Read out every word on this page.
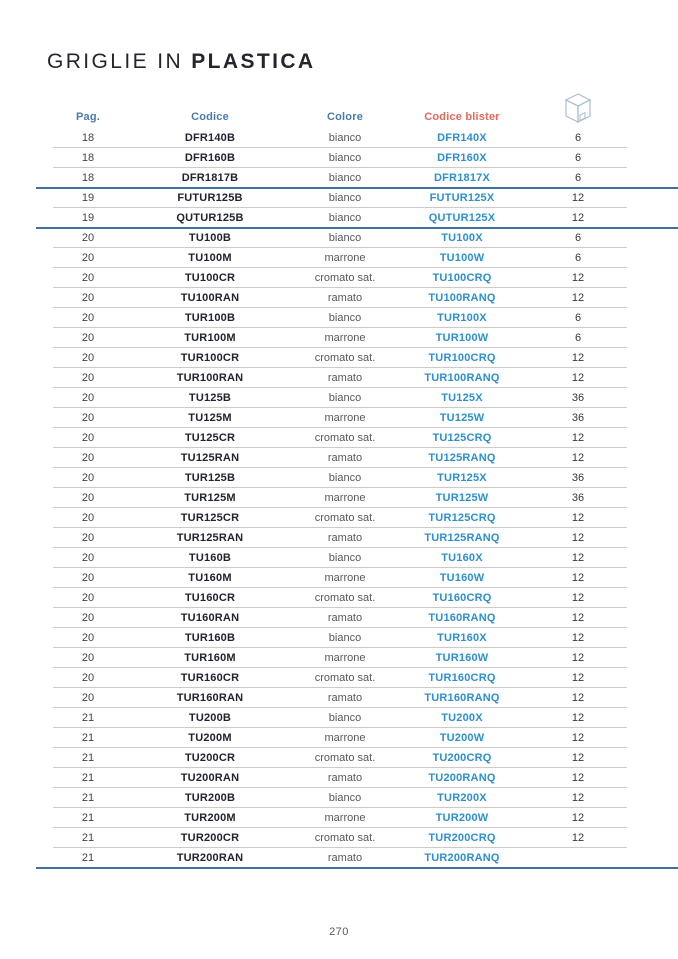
GRIGLIE IN PLASTICA
Pag.	Codice	Colore	Codice blister
18	DFR140B	bianco	DFR140X	6
18	DFR160B	bianco	DFR160X	6
18	DFR1817B	bianco	DFR1817X	6
19	FUTUR125B	bianco	FUTUR125X	12
19	QUTUR125B	bianco	QUTUR125X	12
20	TU100B	bianco	TU100X	6
20	TU100M	marrone	TU100W	6
20	TU100CR	cromato sat.	TU100CRQ	12
20	TU100RAN	ramato	TU100RANQ	12
20	TUR100B	bianco	TUR100X	6
20	TUR100M	marrone	TUR100W	6
20	TUR100CR	cromato sat.	TUR100CRQ	12
20	TUR100RAN	ramato	TUR100RANQ	12
20	TU125B	bianco	TU125X	36
20	TU125M	marrone	TU125W	36
20	TU125CR	cromato sat.	TU125CRQ	12
20	TU125RAN	ramato	TU125RANQ	12
20	TUR125B	bianco	TUR125X	36
20	TUR125M	marrone	TUR125W	36
20	TUR125CR	cromato sat.	TUR125CRQ	12
20	TUR125RAN	ramato	TUR125RANQ	12
20	TU160B	bianco	TU160X	12
20	TU160M	marrone	TU160W	12
20	TU160CR	cromato sat.	TU160CRQ	12
20	TU160RAN	ramato	TU160RANQ	12
20	TUR160B	bianco	TUR160X	12
20	TUR160M	marrone	TUR160W	12
20	TUR160CR	cromato sat.	TUR160CRQ	12
20	TUR160RAN	ramato	TUR160RANQ	12
21	TU200B	bianco	TU200X	12
21	TU200M	marrone	TU200W	12
21	TU200CR	cromato sat.	TU200CRQ	12
21	TU200RAN	ramato	TU200RANQ	12
21	TUR200B	bianco	TUR200X	12
21	TUR200M	marrone	TUR200W	12
21	TUR200CR	cromato sat.	TUR200CRQ	12
21	TUR200RAN	ramato	TUR200RANQ
270
